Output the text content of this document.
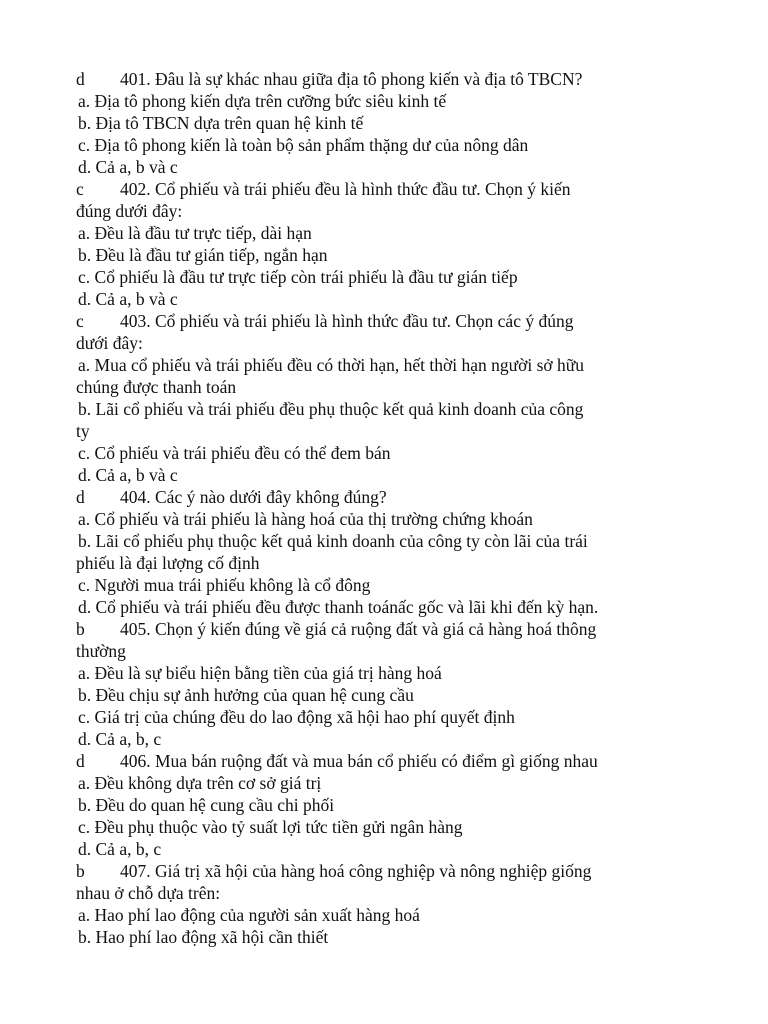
d 401. Đâu là sự khác nhau giữa địa tô phong kiến và địa tô TBCN?
a. Địa tô phong kiến dựa trên cưỡng bức siêu kinh tế
b. Địa tô TBCN dựa trên quan hệ kinh tế
c. Địa tô phong kiến là toàn bộ sản phẩm thặng dư của nông dân
d. Cả a, b và c
c 402. Cổ phiếu và trái phiếu đều là hình thức đầu tư. Chọn ý kiến
đúng dưới đây:
a. Đều là đầu tư trực tiếp, dài hạn
b. Đều là đầu tư gián tiếp, ngắn hạn
c. Cổ phiếu là đầu tư trực tiếp còn trái phiếu là đầu tư gián tiếp
d. Cả a, b và c
c 403. Cổ phiếu và trái phiếu là hình thức đầu tư. Chọn các ý đúng
dưới đây:
a. Mua cổ phiếu và trái phiếu đều có thời hạn, hết thời hạn người sở hữu
chúng được thanh toán
b. Lãi cổ phiếu và trái phiếu đều phụ thuộc kết quả kinh doanh của công
ty
c. Cổ phiếu và trái phiếu đều có thể đem bán
d. Cả a, b và c
d 404. Các ý nào dưới đây không đúng?
a. Cổ phiếu và trái phiếu là hàng hoá của thị trường chứng khoán
b. Lãi cổ phiếu phụ thuộc kết quả kinh doanh của công ty còn lãi của trái
phiếu là đại lượng cố định
c. Người mua trái phiếu không là cổ đông
d. Cổ phiếu và trái phiếu đều được thanh toánấc gốc và lãi khi đến kỳ hạn.
b 405. Chọn ý kiến đúng về giá cả ruộng đất và giá cả hàng hoá thông
thường
a. Đều là sự biểu hiện bằng tiền của giá trị hàng hoá
b. Đều chịu sự ảnh hưởng của quan hệ cung cầu
c. Giá trị của chúng đều do lao động xã hội hao phí quyết định
d. Cả a, b, c
d 406. Mua bán ruộng đất và mua bán cổ phiếu có điểm gì giống nhau
a. Đều không dựa trên cơ sở giá trị
b. Đều do quan hệ cung cầu chi phối
c. Đều phụ thuộc vào tỷ suất lợi tức tiền gửi ngân hàng
d. Cả a, b, c
b 407. Giá trị xã hội của hàng hoá công nghiệp và nông nghiệp giống
nhau ở chỗ dựa trên:
a. Hao phí lao động của người sản xuất hàng hoá
b. Hao phí lao động xã hội cần thiết
